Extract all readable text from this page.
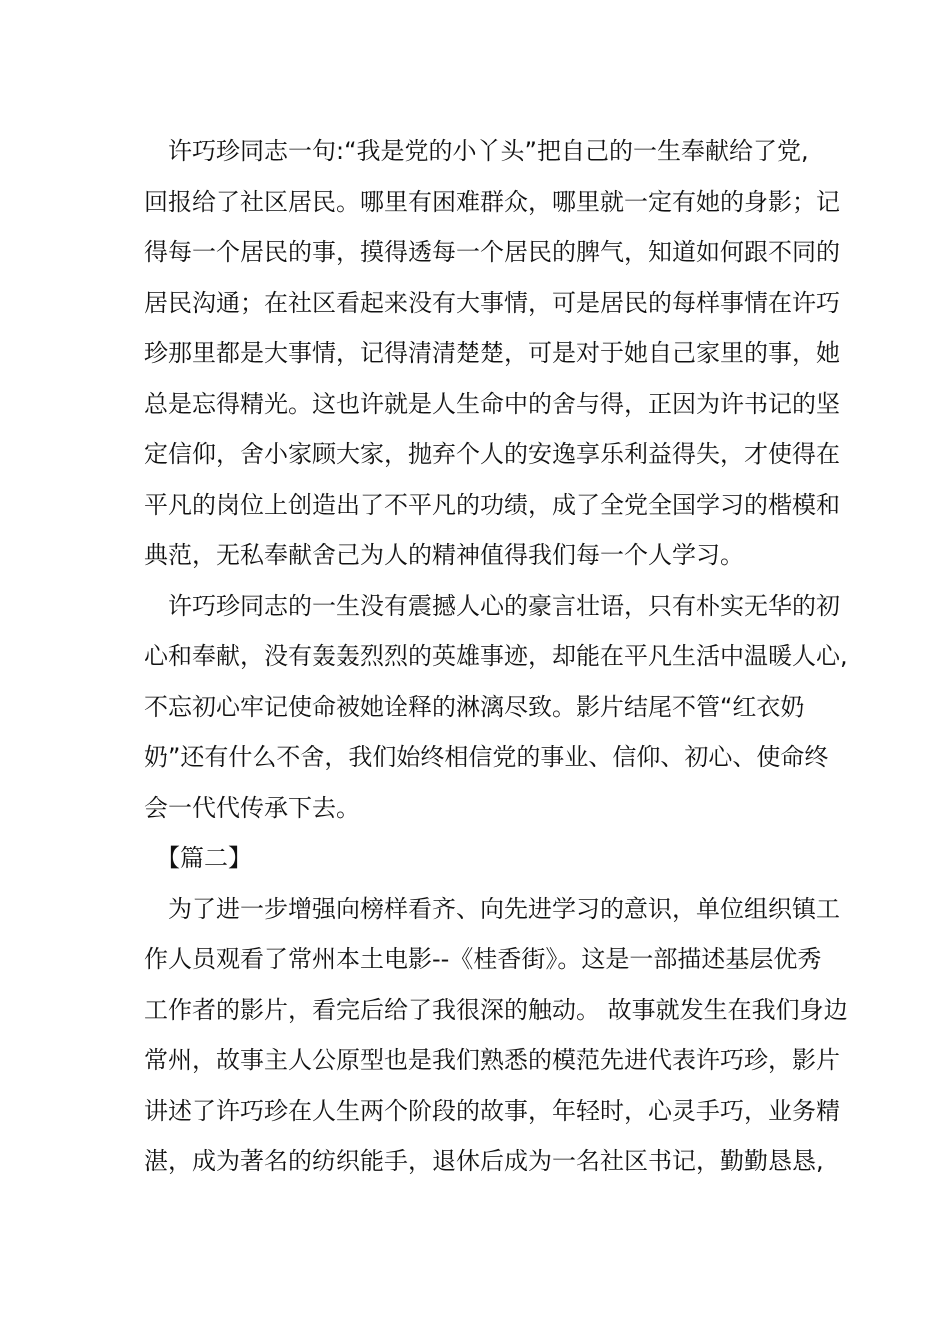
　许巧珍同志一句:“我是党的小丫头”把自己的一生奉献给了党,
回报给了社区居民。哪里有困难群众，哪里就一定有她的身影；记
得每一个居民的事，摸得透每一个居民的脾气，知道如何跟不同的
居民沟通；在社区看起来没有大事情，可是居民的每样事情在许巧
珍那里都是大事情，记得清清楚楚，可是对于她自己家里的事，她
总是忘得精光。这也许就是人生命中的舍与得，正因为许书记的坚
定信仰，舍小家顾大家，抛弃个人的安逸享乐利益得失，才使得在
平凡的岗位上创造出了不平凡的功绩，成了全党全国学习的楷模和
典范，无私奉献舍己为人的精神值得我们每一个人学习。
　许巧珍同志的一生没有震撼人心的豪言壮语，只有朴实无华的初
心和奉献，没有轰轰烈烈的英雄事迹，却能在平凡生活中温暖人心,
不忘初心牢记使命被她诠释的淋漓尽致。影片结尾不管“红衣奶
奶”还有什么不舍，我们始终相信党的事业、信仰、初心、使命终
会一代代传承下去。
　【篇二】
　为了进一步增强向榜样看齐、向先进学习的意识，单位组织镇工
作人员观看了常州本土电影--《桂香街》。这是一部描述基层优秀
工作者的影片，看完后给了我很深的触动。 故事就发生在我们身边
常州，故事主人公原型也是我们熟悉的模范先进代表许巧珍，影片
讲述了许巧珍在人生两个阶段的故事，年轻时，心灵手巧，业务精
湛，成为著名的纺织能手，退休后成为一名社区书记，勤勤恳恳,
